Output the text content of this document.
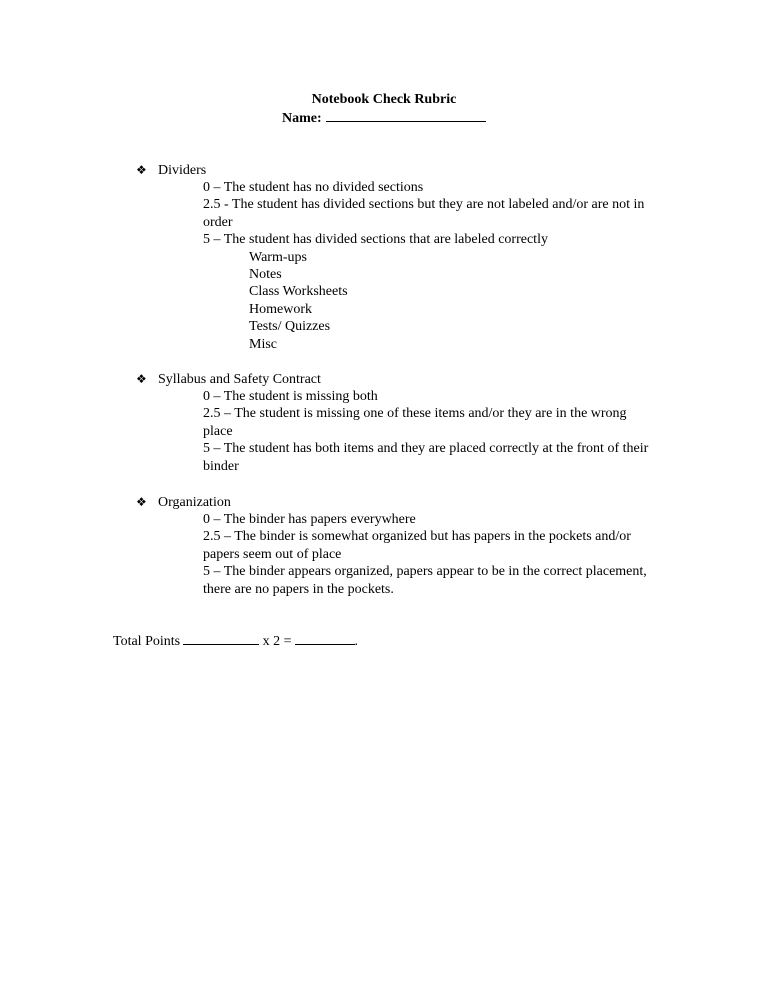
Notebook Check Rubric
Name:
❖ Dividers

0 – The student has no divided sections

2.5 - The student has divided sections but they are not labeled and/or are not in order

5 – The student has divided sections that are labeled correctly

Warm-ups
Notes
Class Worksheets
Homework
Tests/ Quizzes
Misc
❖ Syllabus and Safety Contract

0 – The student is missing both

2.5 – The student is missing one of these items and/or they are in the wrong place

5 – The student has both items and they are placed correctly at the front of their binder

❖ Organization

0 – The binder has papers everywhere

2.5 – The binder is somewhat organized but has papers in the pockets and/or papers seem out of place

5 – The binder appears organized, papers appear to be in the correct placement, there are no papers in the pockets.

Total Points	x 2 =	.
